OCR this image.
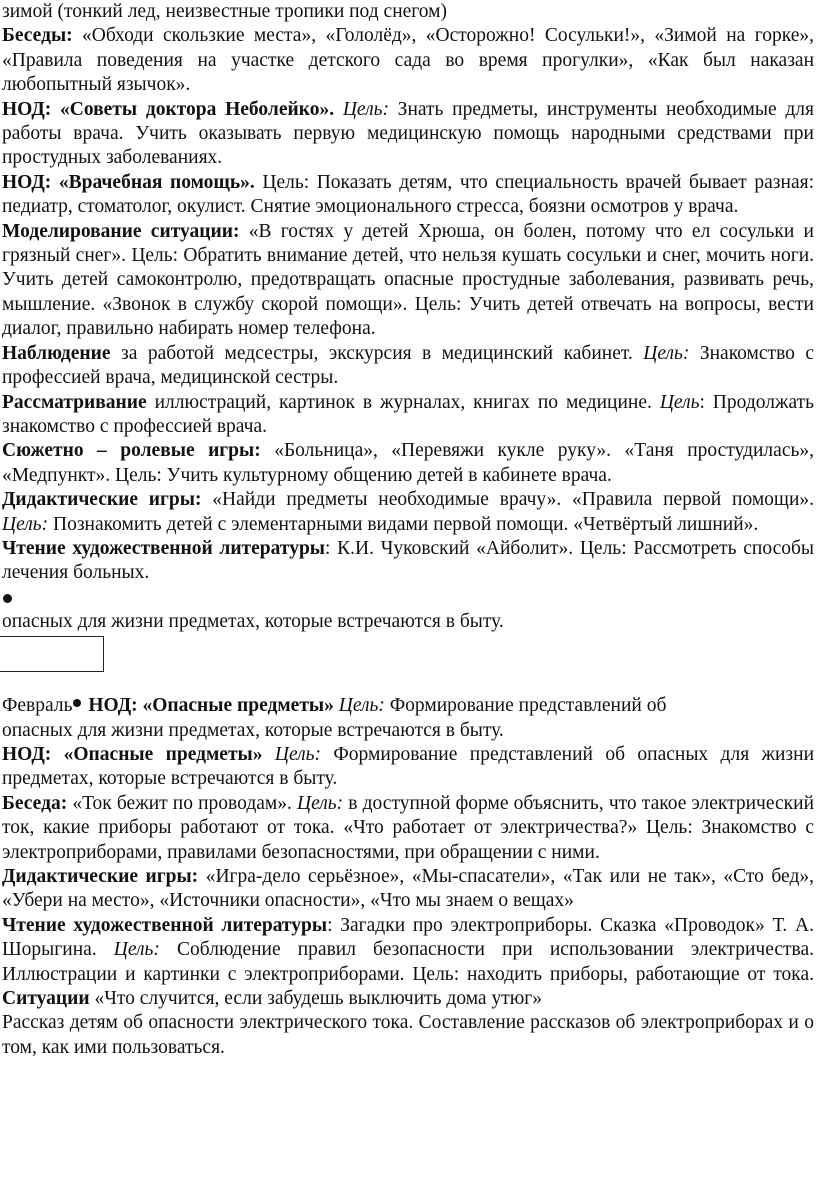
зимой (тонкий лед, неизвестные тропики под снегом)

Беседы: «Обходи скользкие места», «Гололёд», «Осторожно! Сосульки!», «Зимой на горке», «Правила поведения на участке детского сада во время прогулки», «Как был наказан любопытный язычок».

НОД: «Советы доктора Неболейко». Цель: Знать предметы, инструменты необходимые для работы врача. Учить оказывать первую медицинскую помощь народными средствами при простудных заболеваниях.

НОД: «Врачебная помощь». Цель: Показать детям, что специальность врачей бывает разная: педиатр, стоматолог, окулист. Снятие эмоционального стресса, боязни осмотров у врача.

Моделирование ситуации: «В гостях у детей Хрюша, он болен, потому что ел сосульки и грязный снег». Цель: Обратить внимание детей, что нельзя кушать сосульки и снег, мочить ноги. Учить детей самоконтролю, предотвращать опасные простудные заболевания, развивать речь, мышление. «Звонок в службу скорой помощи». Цель: Учить детей отвечать на вопросы, вести диалог, правильно набирать номер телефона.

Наблюдение за работой медсестры, экскурсия в медицинский кабинет. Цель: Знакомство с профессией врача, медицинской сестры.

Рассматривание иллюстраций, картинок в журналах, книгах по медицине. Цель: Продолжать знакомство с профессией врача.

Сюжетно – ролевые игры: «Больница», «Перевяжи кукле руку». «Таня простудилась», «Медпункт». Цель: Учить культурному общению детей в кабинете врача.

Дидактические игры: «Найди предметы необходимые врачу». «Правила первой помощи». Цель: Познакомить детей с элементарными видами первой помощи. «Четвёртый лишний».

Чтение художественной литературы: К.И. Чуковский «Айболит». Цель: Рассмотреть способы лечения больных.

опасных для жизни предметах, которые встречаются в быту.

Февраль НОД: «Опасные предметы» Цель: Формирование представлений об
опасных для жизни предметах, которые встречаются в быту.

НОД: «Опасные предметы» Цель: Формирование представлений об опасных для жизни предметах, которые встречаются в быту.

Беседа: «Ток бежит по проводам». Цель: в доступной форме объяснить, что такое электрический ток, какие приборы работают от тока. «Что работает от электричества?» Цель: Знакомство с электроприборами, правилами безопасностями, при обращении с ними.

Дидактические игры: «Игра-дело серьёзное», «Мы-спасатели», «Так или не так», «Сто бед», «Убери на место», «Источники опасности», «Что мы знаем о вещах»

Чтение художественной литературы: Загадки про электроприборы. Сказка «Проводок» Т. А. Шорыгина. Цель: Соблюдение правил безопасности при использовании электричества. Иллюстрации и картинки с электроприборами. Цель: находить приборы, работающие от тока. Ситуации «Что случится, если забудешь выключить дома утюг»

Рассказ детям об опасности электрического тока. Составление рассказов об электроприборах и о том, как ими пользоваться.
